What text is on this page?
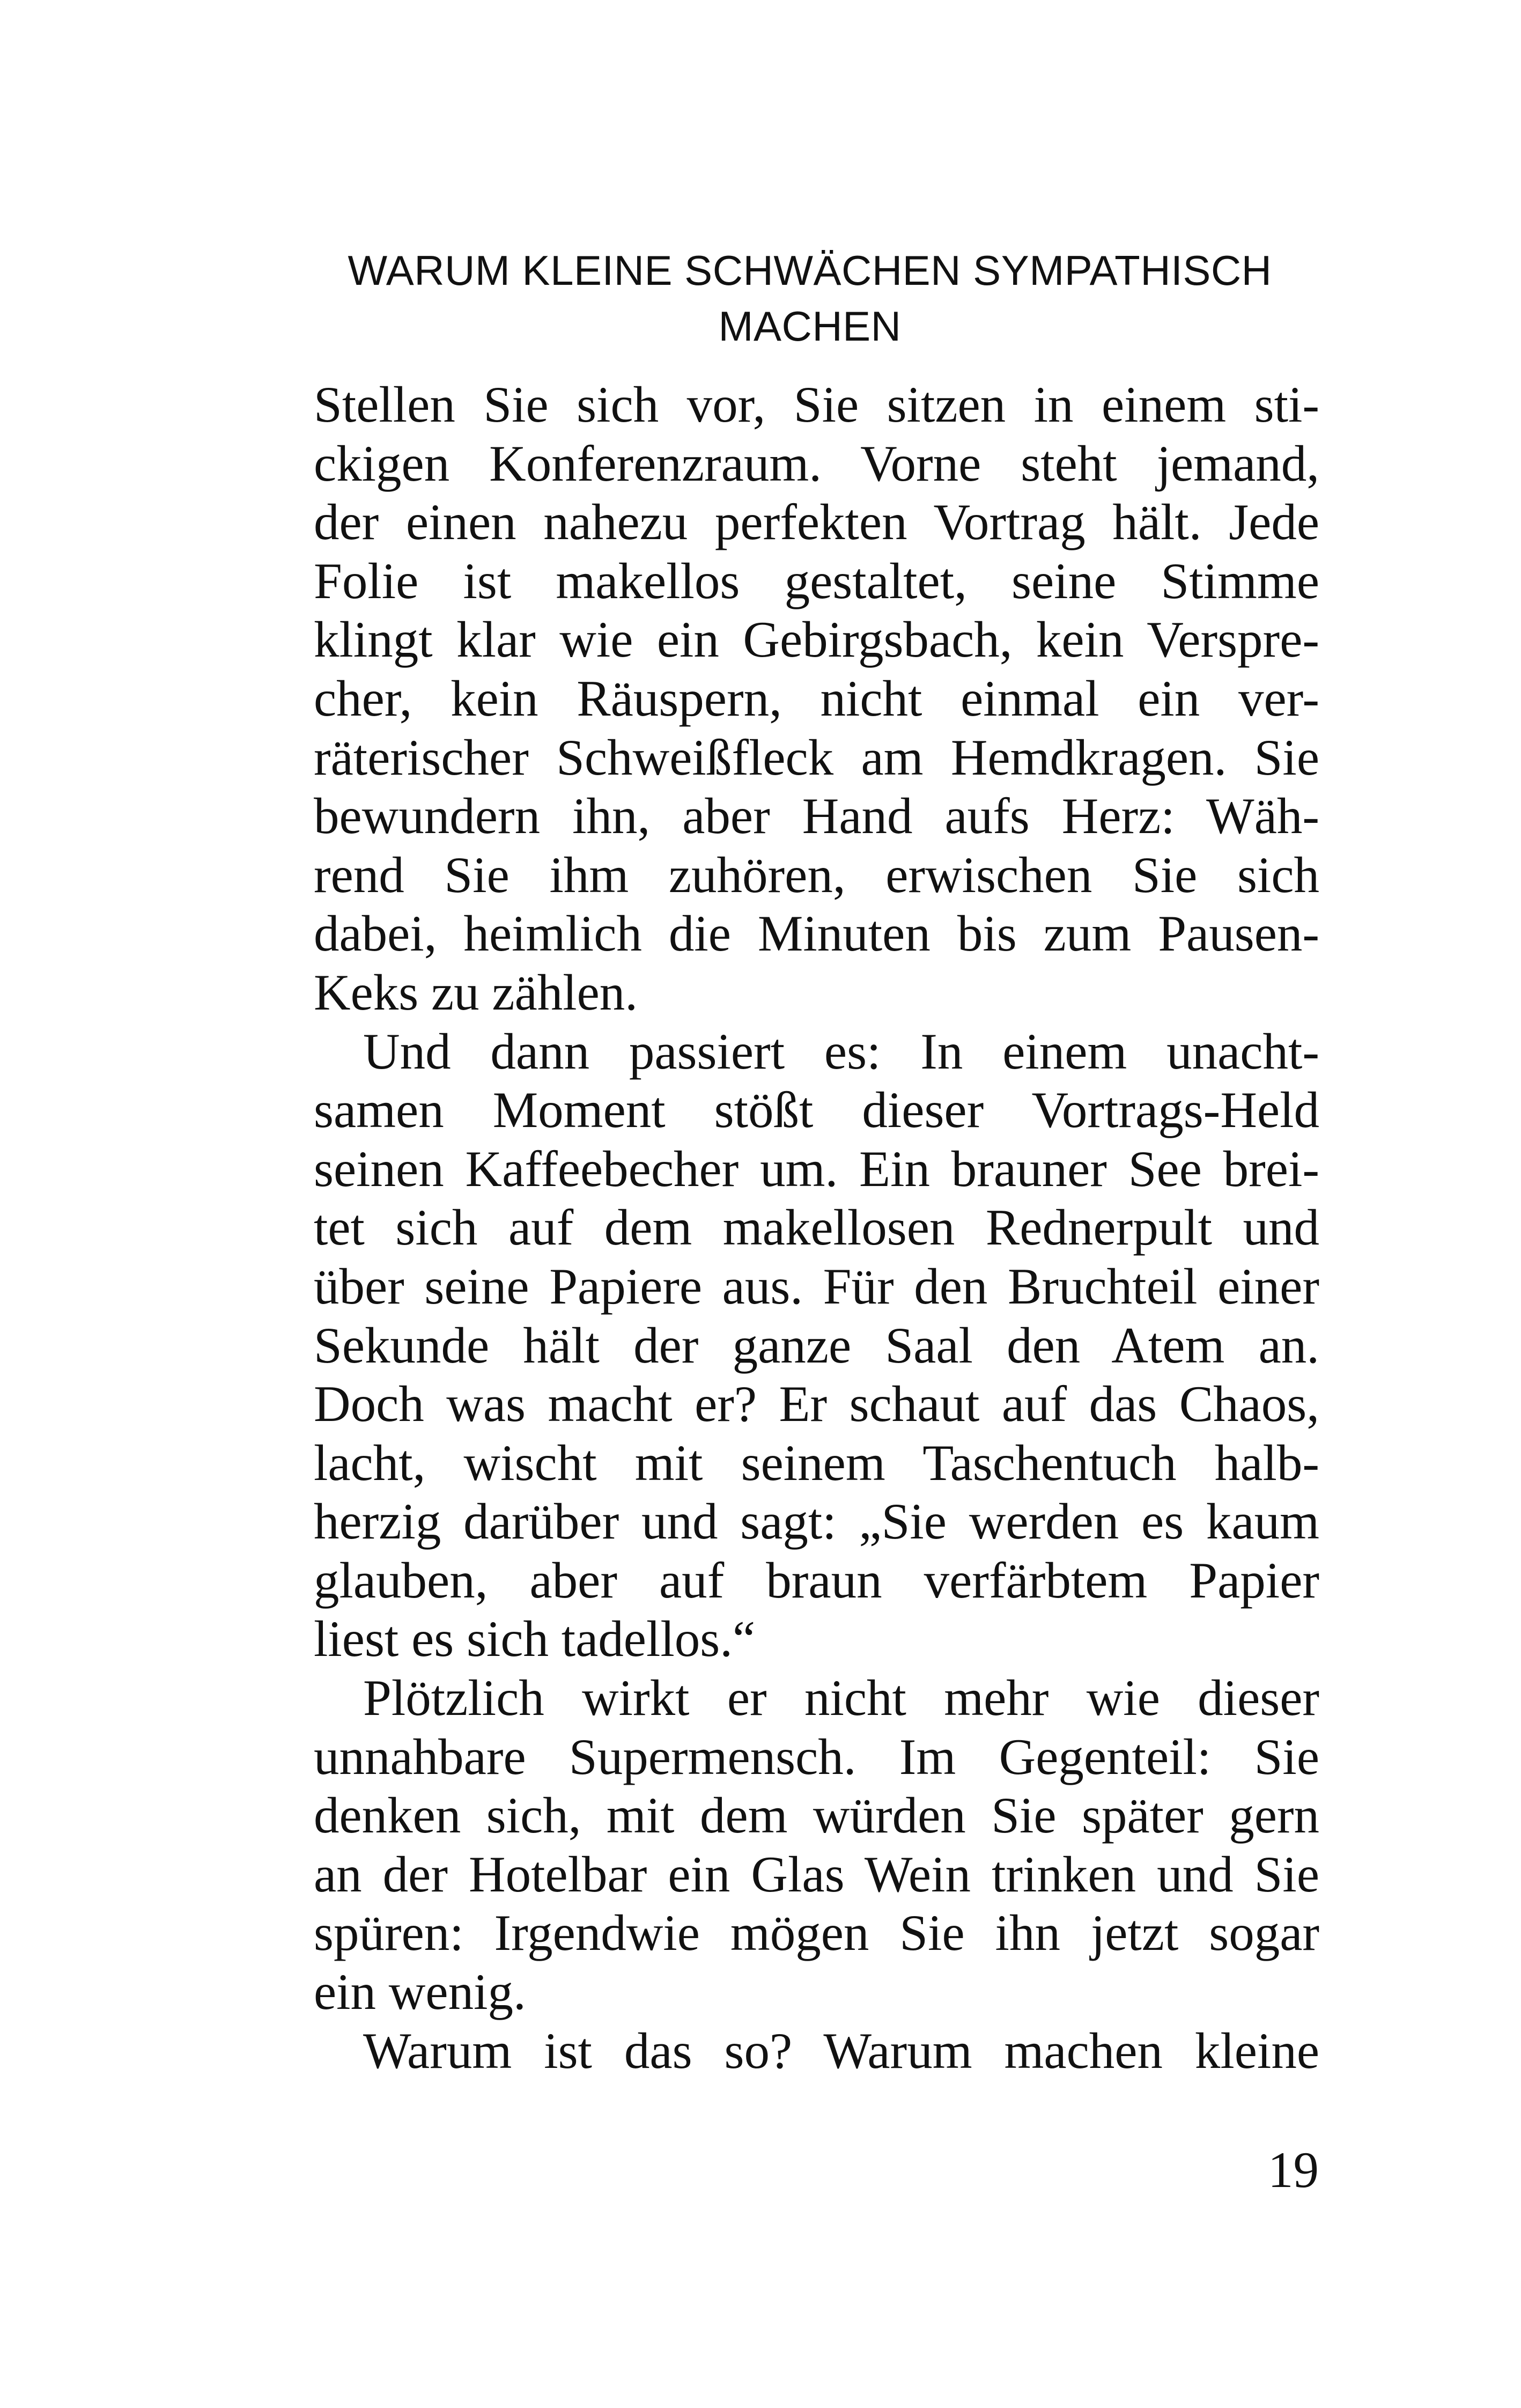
WARUM KLEINE SCHWÄCHEN SYMPATHISCH
MACHEN
Stellen Sie sich vor, Sie sitzen in einem sti-
ckigen Konferenzraum. Vorne steht jemand,
der einen nahezu perfekten Vortrag hält. Jede
Folie ist makellos gestaltet, seine Stimme
klingt klar wie ein Gebirgsbach, kein Verspre-
cher, kein Räuspern, nicht einmal ein ver-
räterischer Schweißfleck am Hemdkragen. Sie
bewundern ihn, aber Hand aufs Herz: Wäh-
rend Sie ihm zuhören, erwischen Sie sich
dabei, heimlich die Minuten bis zum Pausen-
Keks zu zählen.
Und dann passiert es: In einem unacht-
samen Moment stößt dieser Vortrags-Held
seinen Kaffeebecher um. Ein brauner See brei-
tet sich auf dem makellosen Rednerpult und
über seine Papiere aus. Für den Bruchteil einer
Sekunde hält der ganze Saal den Atem an.
Doch was macht er? Er schaut auf das Chaos,
lacht, wischt mit seinem Taschentuch halb-
herzig darüber und sagt: „Sie werden es kaum
glauben, aber auf braun verfärbtem Papier
liest es sich tadellos.“
Plötzlich wirkt er nicht mehr wie dieser
unnahbare Supermensch. Im Gegenteil: Sie
denken sich, mit dem würden Sie später gern
an der Hotelbar ein Glas Wein trinken und Sie
spüren: Irgendwie mögen Sie ihn jetzt sogar
ein wenig.
Warum ist das so? Warum machen kleine

19
